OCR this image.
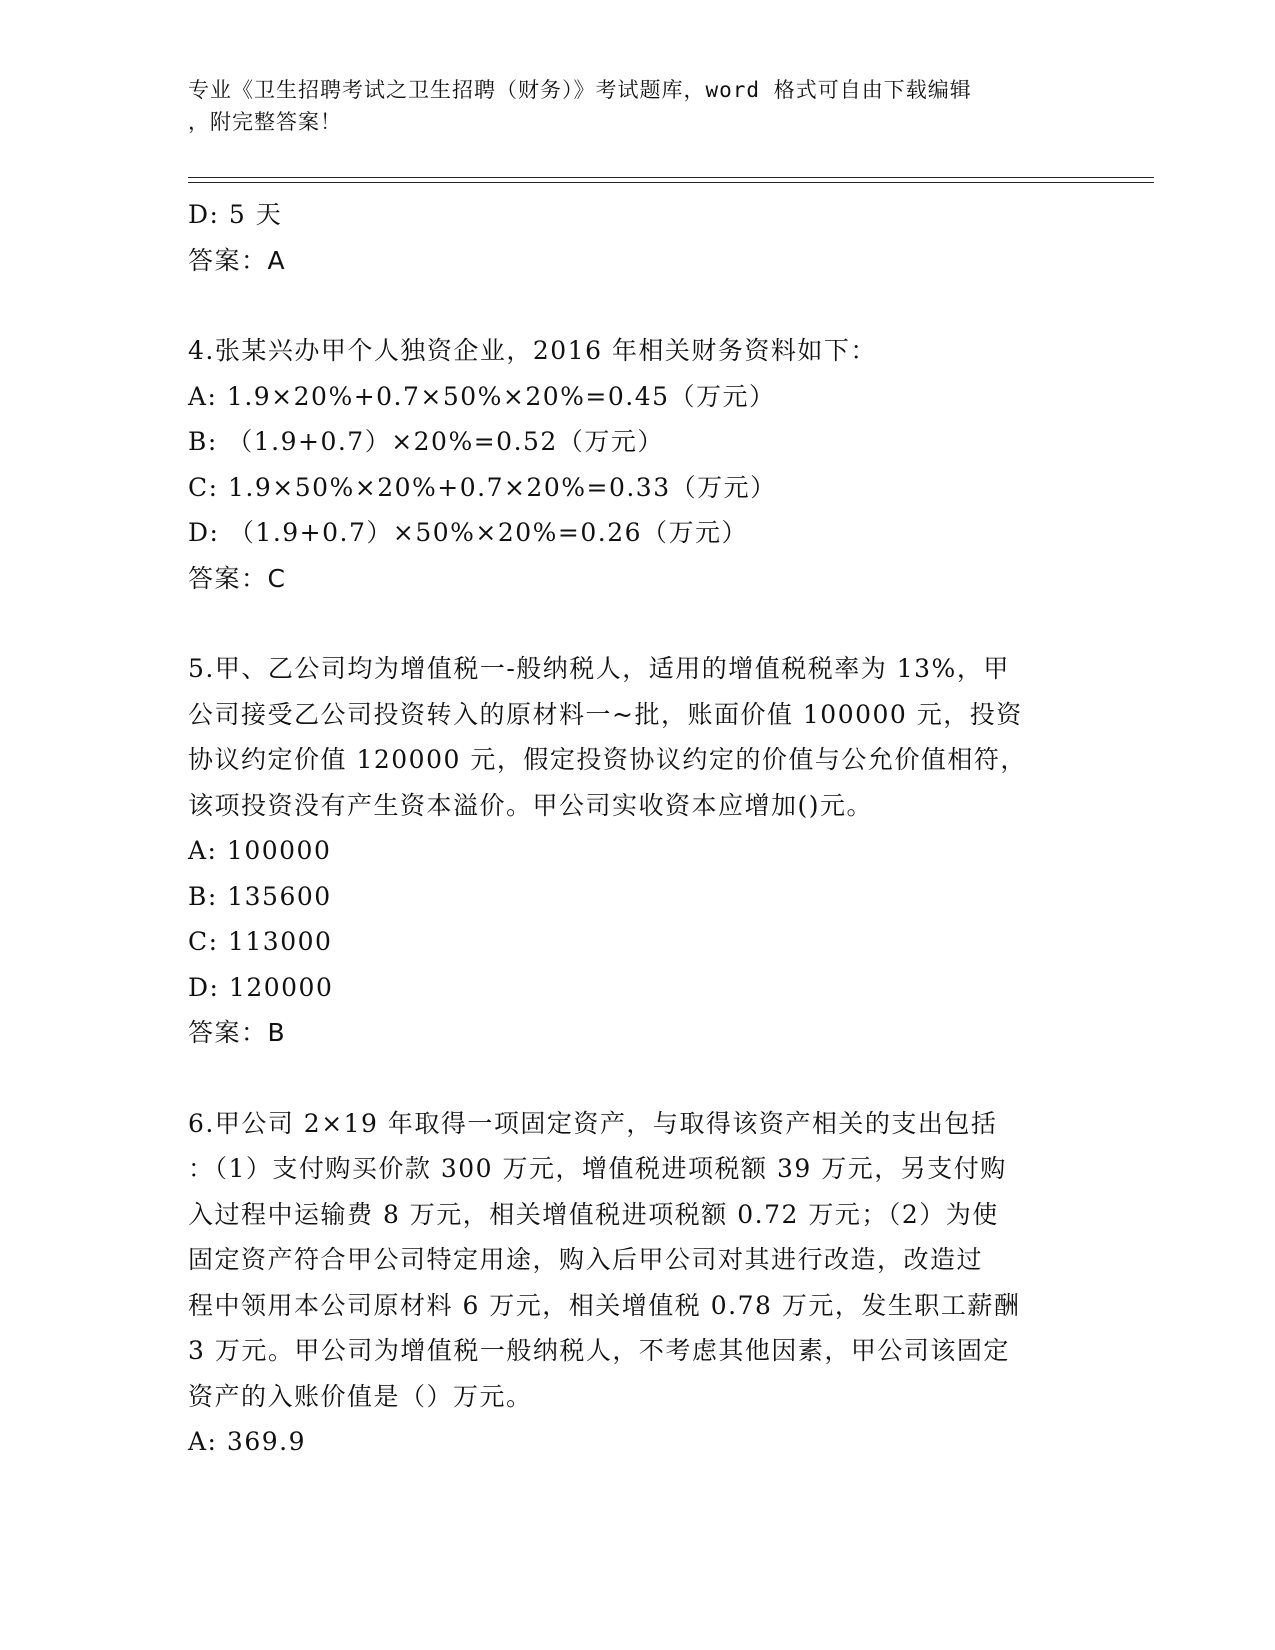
专业《卫生招聘考试之卫生招聘（财务）》考试题库，word 格式可自由下载编辑
，附完整答案！
D: 5 天
答案：A
4.张某兴办甲个人独资企业，2016 年相关财务资料如下：
A: 1.9×20%+0.7×50%×20%=0.45（万元）
B: （1.9+0.7）×20%=0.52（万元）
C: 1.9×50%×20%+0.7×20%=0.33（万元）
D: （1.9+0.7）×50%×20%=0.26（万元）
答案：C
5.甲、乙公司均为增值税一-般纳税人，适用的增值税税率为 13%，甲
公司接受乙公司投资转入的原材料一~批，账面价值 100000 元，投资
协议约定价值 120000 元，假定投资协议约定的价值与公允价值相符，
该项投资没有产生资本溢价。甲公司实收资本应增加()元。
A: 100000
B: 135600
C: 113000
D: 120000
答案：B
6.甲公司 2×19 年取得一项固定资产，与取得该资产相关的支出包括
：（1）支付购买价款 300 万元，增值税进项税额 39 万元，另支付购
入过程中运输费 8 万元，相关增值税进项税额 0.72 万元；（2）为使
固定资产符合甲公司特定用途，购入后甲公司对其进行改造，改造过
程中领用本公司原材料 6 万元，相关增值税 0.78 万元，发生职工薪酬
3 万元。甲公司为增值税一般纳税人，不考虑其他因素，甲公司该固定
资产的入账价值是（）万元。
A: 369.9
